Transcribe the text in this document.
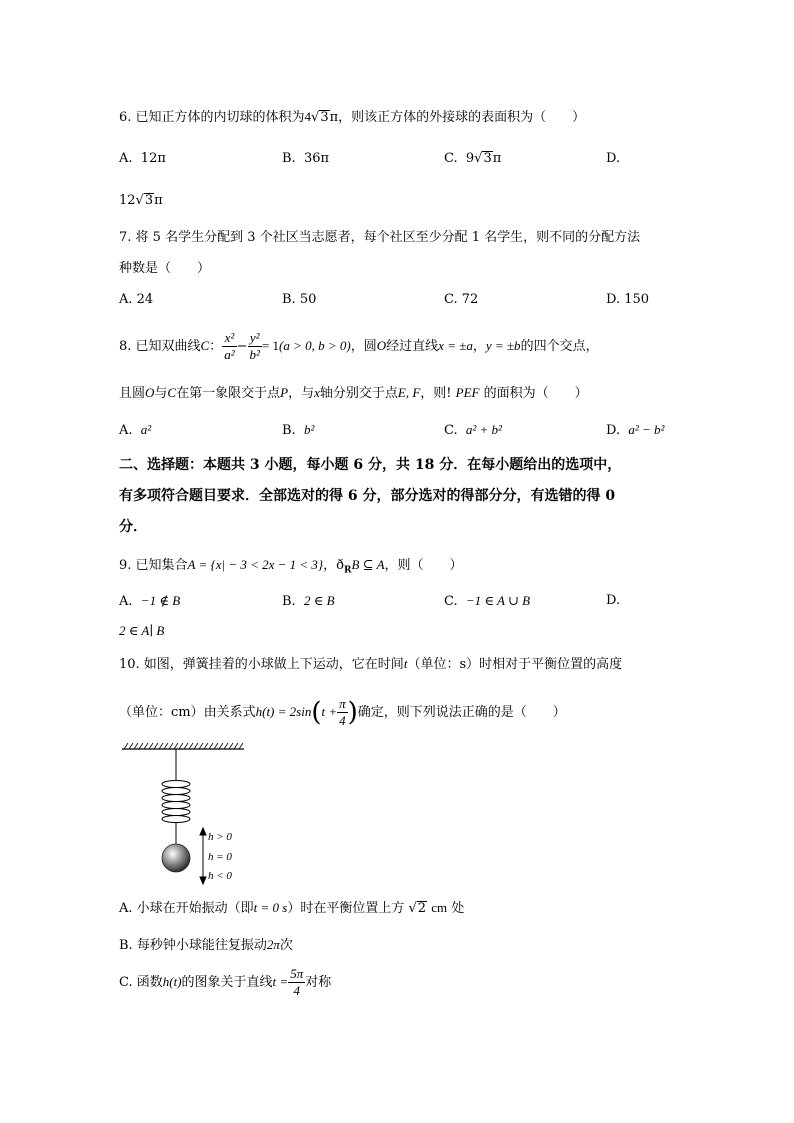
6. 已知正方体的内切球的体积为4√3π，则该正方体的外接球的表面积为（　　）
A. 12π	B. 36π	C. 9√3π	D.
12√3π
7. 将 5 名学生分配到 3 个社区当志愿者，每个社区至少分配 1 名学生，则不同的分配方法
种数是（　　）
A. 24	B. 50	C. 72	D. 150
8. 已知双曲线C： $\frac{\text{x²}}{\text{a²}} - \frac{\text{y²}}{\text{b²}} = 1(a > 0$, b > 0)，圆O经过直线x = ±a，y = ±b的四个交点，
且圆O与C在第一象限交于点P，与x轴分别交于点E, F，则! PEF 的面积为（　　）
A. a²	B. b²	C. a² + b²	D. a² − b²
二、选择题：本题共 3 小题，每小题 6 分，共 18 分．在每小题给出的选项中，
有多项符合题目要求．全部选对的得 6 分，部分选对的得部分分，有选错的得 0
分．
9. 已知集合A = {x| − 3 < 2x − 1 < 3}，$ð_RB$ ⊆ A，则（　　）
A. −1 ∉ B	B. 2 ∈ B	C. −1 ∈ A ∪ B	D.
2 ∈ A∣ B
10. 如图，弹簧挂着的小球做上下运动，它在时间t（单位：s）时相对于平衡位置的高度
（单位：cm）由关系式$h(t) = 2\sin(t + \frac{\pi}{4}$ )确定，则下列说法正确的是（　　）
h > 0
h = 0
h < 0
A. 小球在开始振动（即t = 0 s）时在平衡位置上方 √2 cm 处
B. 每秒钟小球能往复振动2π次
C. 函数h(t)的图象关于直线$t = \frac{5\pi}{4}$ 对称
